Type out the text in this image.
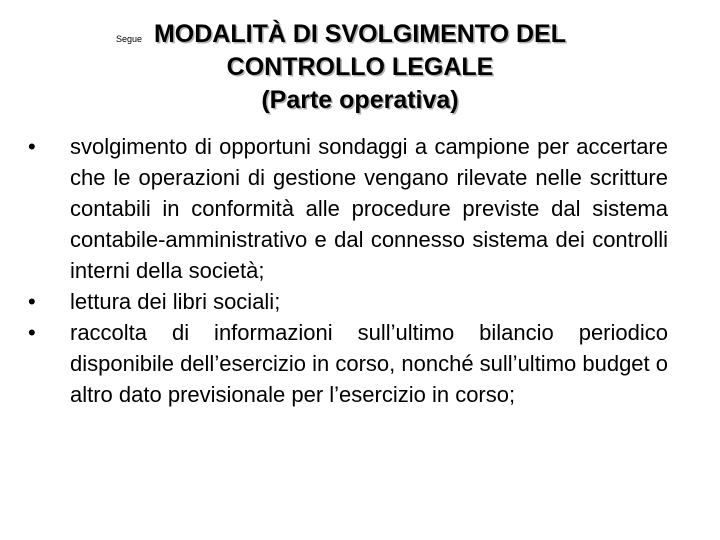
Segue MODALITÀ DI SVOLGIMENTO DEL
CONTROLLO LEGALE
(Parte operativa)
•	svolgimento di opportuni sondaggi a campione per accertare che le operazioni di gestione vengano rilevate nelle scritture contabili in conformità alle procedure previste dal sistema contabile-amministrativo e dal connesso sistema dei controlli interni della società;
•	lettura dei libri sociali;
•	raccolta di informazioni sull’ultimo bilancio periodico disponibile dell’esercizio in corso, nonché sull’ultimo budget o altro dato previsionale per l’esercizio in corso;
